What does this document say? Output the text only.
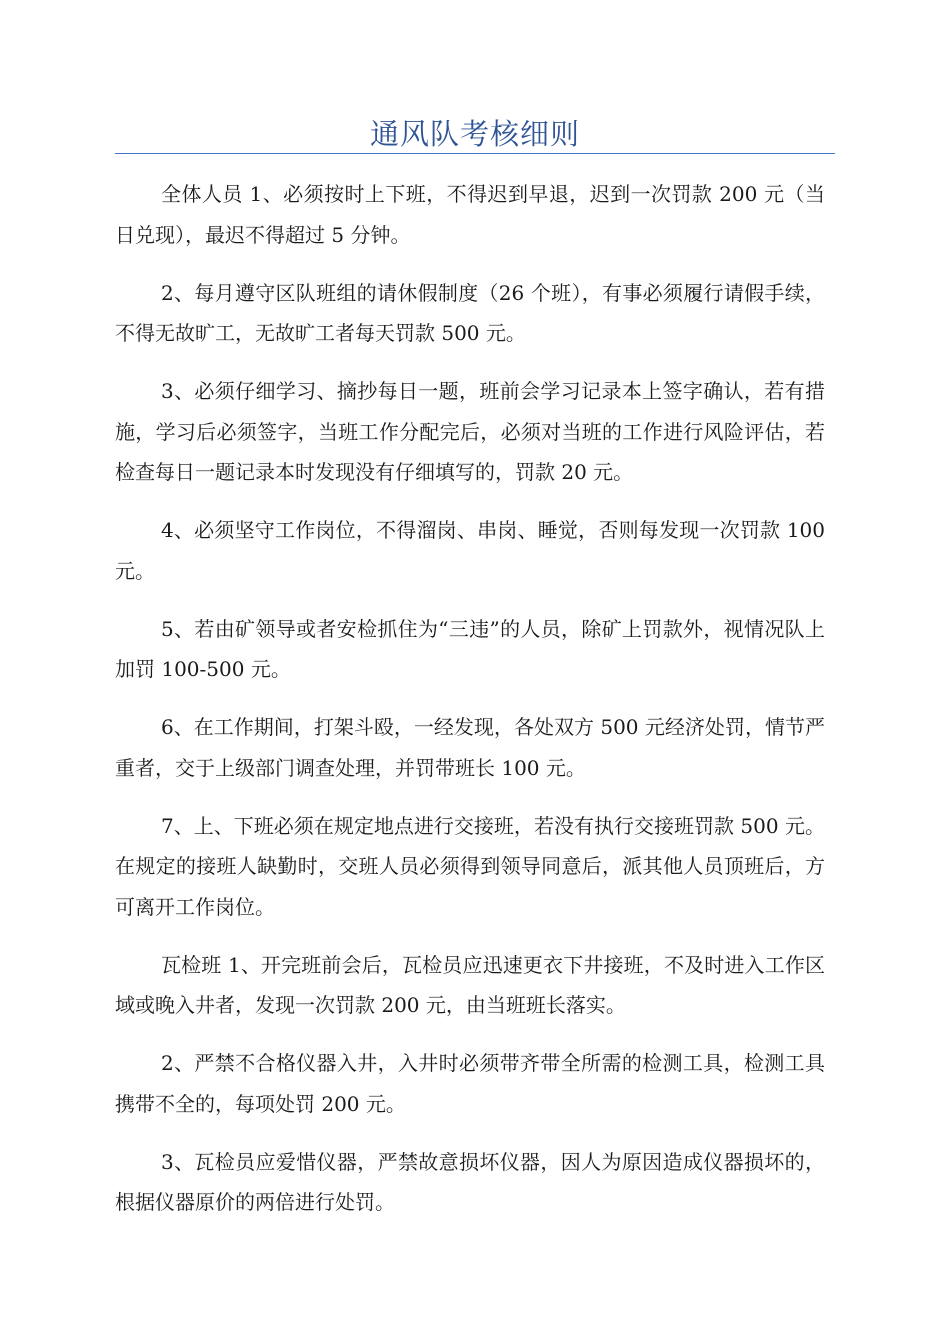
通风队考核细则

全体人员 1、必须按时上下班，不得迟到早退，迟到一次罚款 200 元（当日兑现），最迟不得超过 5 分钟。

2、每月遵守区队班组的请休假制度（26 个班），有事必须履行请假手续，不得无故旷工，无故旷工者每天罚款 500 元。

3、必须仔细学习、摘抄每日一题，班前会学习记录本上签字确认，若有措施，学习后必须签字，当班工作分配完后，必须对当班的工作进行风险评估，若检查每日一题记录本时发现没有仔细填写的，罚款 20 元。

4、必须坚守工作岗位，不得溜岗、串岗、睡觉，否则每发现一次罚款 100 元。

5、若由矿领导或者安检抓住为“三违”的人员，除矿上罚款外，视情况队上加罚 100-500 元。

6、在工作期间，打架斗殴，一经发现，各处双方 500 元经济处罚，情节严重者，交于上级部门调查处理，并罚带班长 100 元。

7、上、下班必须在规定地点进行交接班，若没有执行交接班罚款 500 元。在规定的接班人缺勤时，交班人员必须得到领导同意后，派其他人员顶班后，方可离开工作岗位。

瓦检班 1、开完班前会后，瓦检员应迅速更衣下井接班，不及时进入工作区域或晚入井者，发现一次罚款 200 元，由当班班长落实。

2、严禁不合格仪器入井，入井时必须带齐带全所需的检测工具，检测工具携带不全的，每项处罚 200 元。

3、瓦检员应爱惜仪器，严禁故意损坏仪器，因人为原因造成仪器损坏的，根据仪器原价的两倍进行处罚。
